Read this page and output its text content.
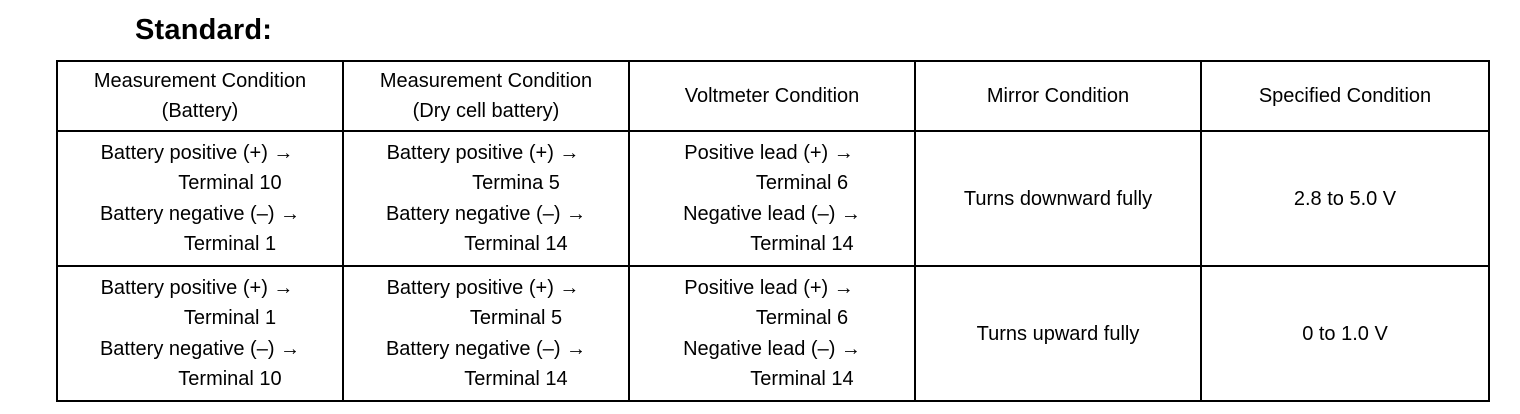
Standard:
Measurement Condition
(Battery)	Measurement Condition
(Dry cell battery)	Voltmeter Condition	Mirror Condition	Specified Condition

Battery positive (+) →
Terminal 10
Battery negative (–) →
Terminal 1	Battery positive (+) →
Termina 5
Battery negative (–) →
Terminal 14	Positive lead (+) →
Terminal 6
Negative lead (–) →
Terminal 14	Turns downward fully	2.8 to 5.0 V

Battery positive (+) →
Terminal 1
Battery negative (–) →
Terminal 10	Battery positive (+) →
Terminal 5
Battery negative (–) →
Terminal 14	Positive lead (+) →
Terminal 6
Negative lead (–) →
Terminal 14	Turns upward fully	0 to 1.0 V
